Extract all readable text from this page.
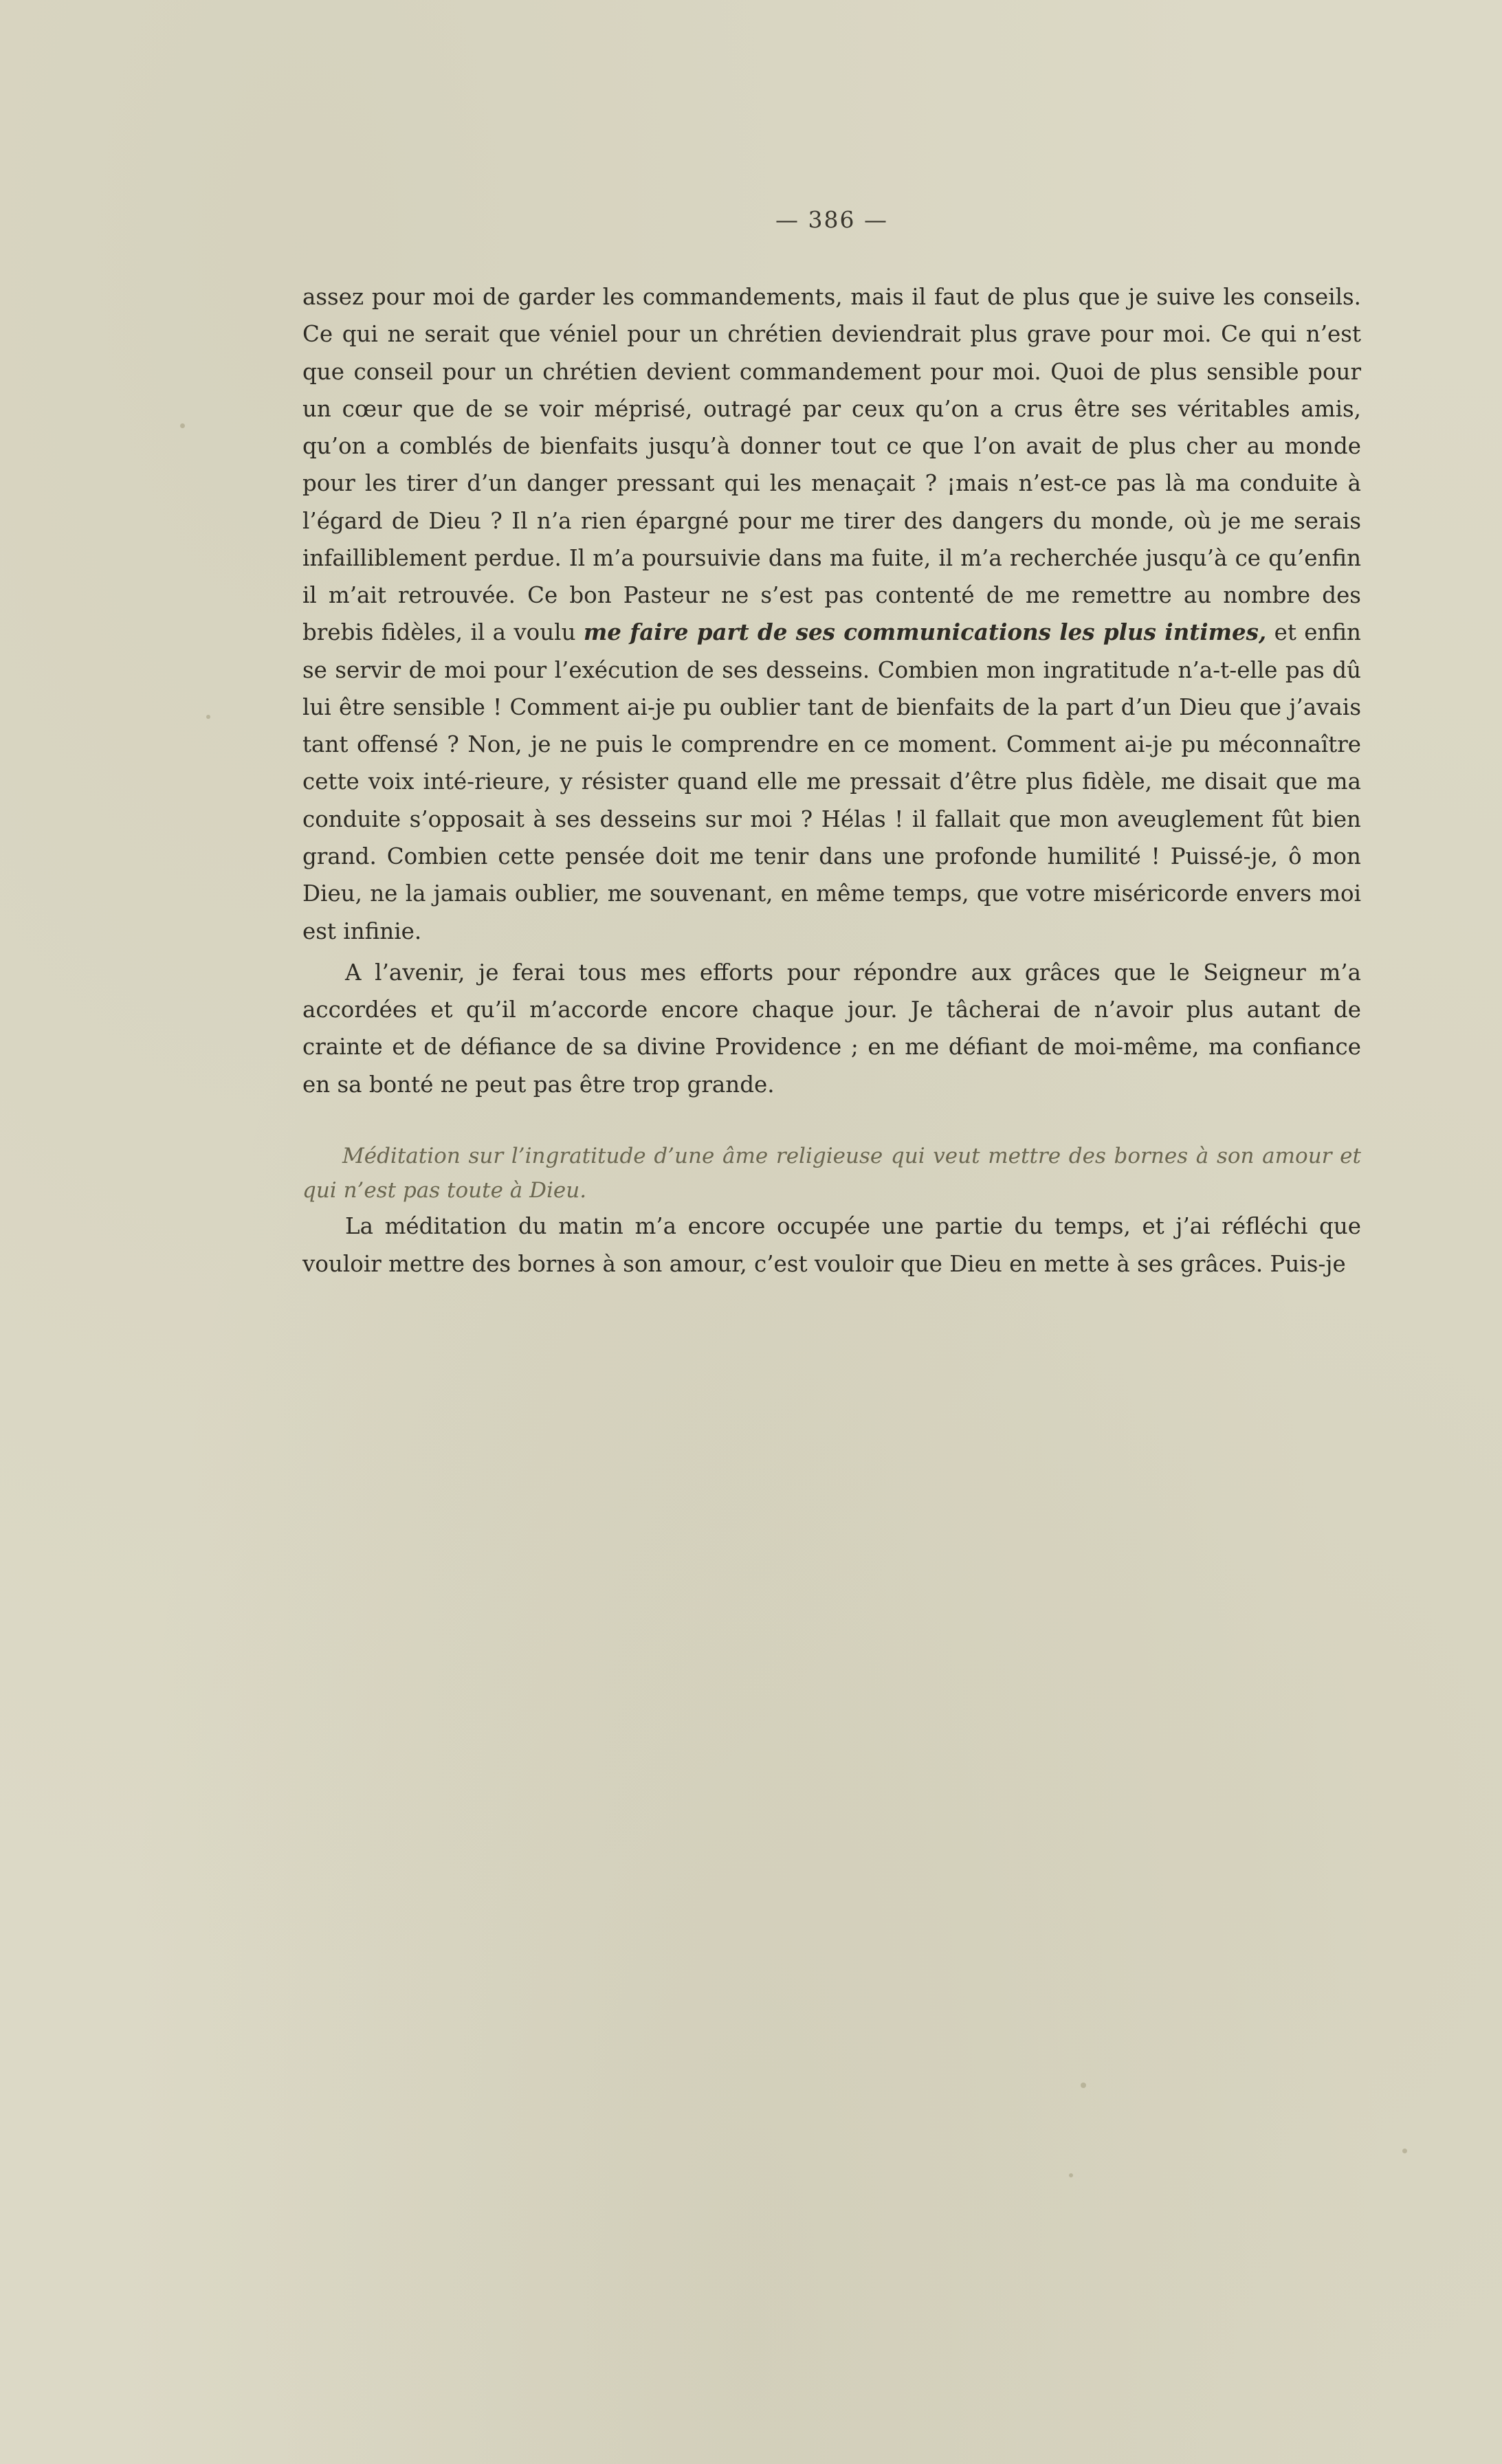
— 386 —

assez pour moi de garder les commandements, mais il faut de plus que je suive les conseils. Ce qui ne serait que véniel pour un chrétien deviendrait plus grave pour moi. Ce qui n’est que conseil pour un chrétien devient commandement pour moi. Quoi de plus sensible pour un cœur que de se voir méprisé, outragé par ceux qu’on a crus être ses véritables amis, qu’on a comblés de bienfaits jusqu’à donner tout ce que l’on avait de plus cher au monde pour les tirer d’un danger pressant qui les menaçait ? ¡mais n’est-ce pas là ma conduite à l’égard de Dieu ? Il n’a rien épargné pour me tirer des dangers du monde, où je me serais infailliblement perdue. Il m’a poursuivie dans ma fuite, il m’a recherchée jusqu’à ce qu’enfin il m’ait retrouvée. Ce bon Pasteur ne s’est pas contenté de me remettre au nombre des brebis fidèles, il a voulu me faire part de ses communications les plus intimes, et enfin se servir de moi pour l’exécution de ses desseins. Combien mon ingratitude n’a-t-elle pas dû lui être sensible ! Comment ai-je pu oublier tant de bienfaits de la part d’un Dieu que j’avais tant offensé ? Non, je ne puis le comprendre en ce moment. Comment ai-je pu méconnaître cette voix inté-rieure, y résister quand elle me pressait d’être plus fidèle, me disait que ma conduite s’opposait à ses desseins sur moi ? Hélas ! il fallait que mon aveuglement fût bien grand. Combien cette pensée doit me tenir dans une profonde humilité ! Puissé-je, ô mon Dieu, ne la jamais oublier, me souvenant, en même temps, que votre miséricorde envers moi est infinie.

A l’avenir, je ferai tous mes efforts pour répondre aux grâces que le Seigneur m’a accordées et qu’il m’accorde encore chaque jour. Je tâcherai de n’avoir plus autant de crainte et de défiance de sa divine Providence ; en me défiant de moi-même, ma confiance en sa bonté ne peut pas être trop grande.

Méditation sur l’ingratitude d’une âme religieuse qui veut mettre des bornes à son amour et qui n’est pas toute à Dieu.

La méditation du matin m’a encore occupée une partie du temps, et j’ai réfléchi que vouloir mettre des bornes à son amour, c’est vouloir que Dieu en mette à ses grâces. Puis-je
